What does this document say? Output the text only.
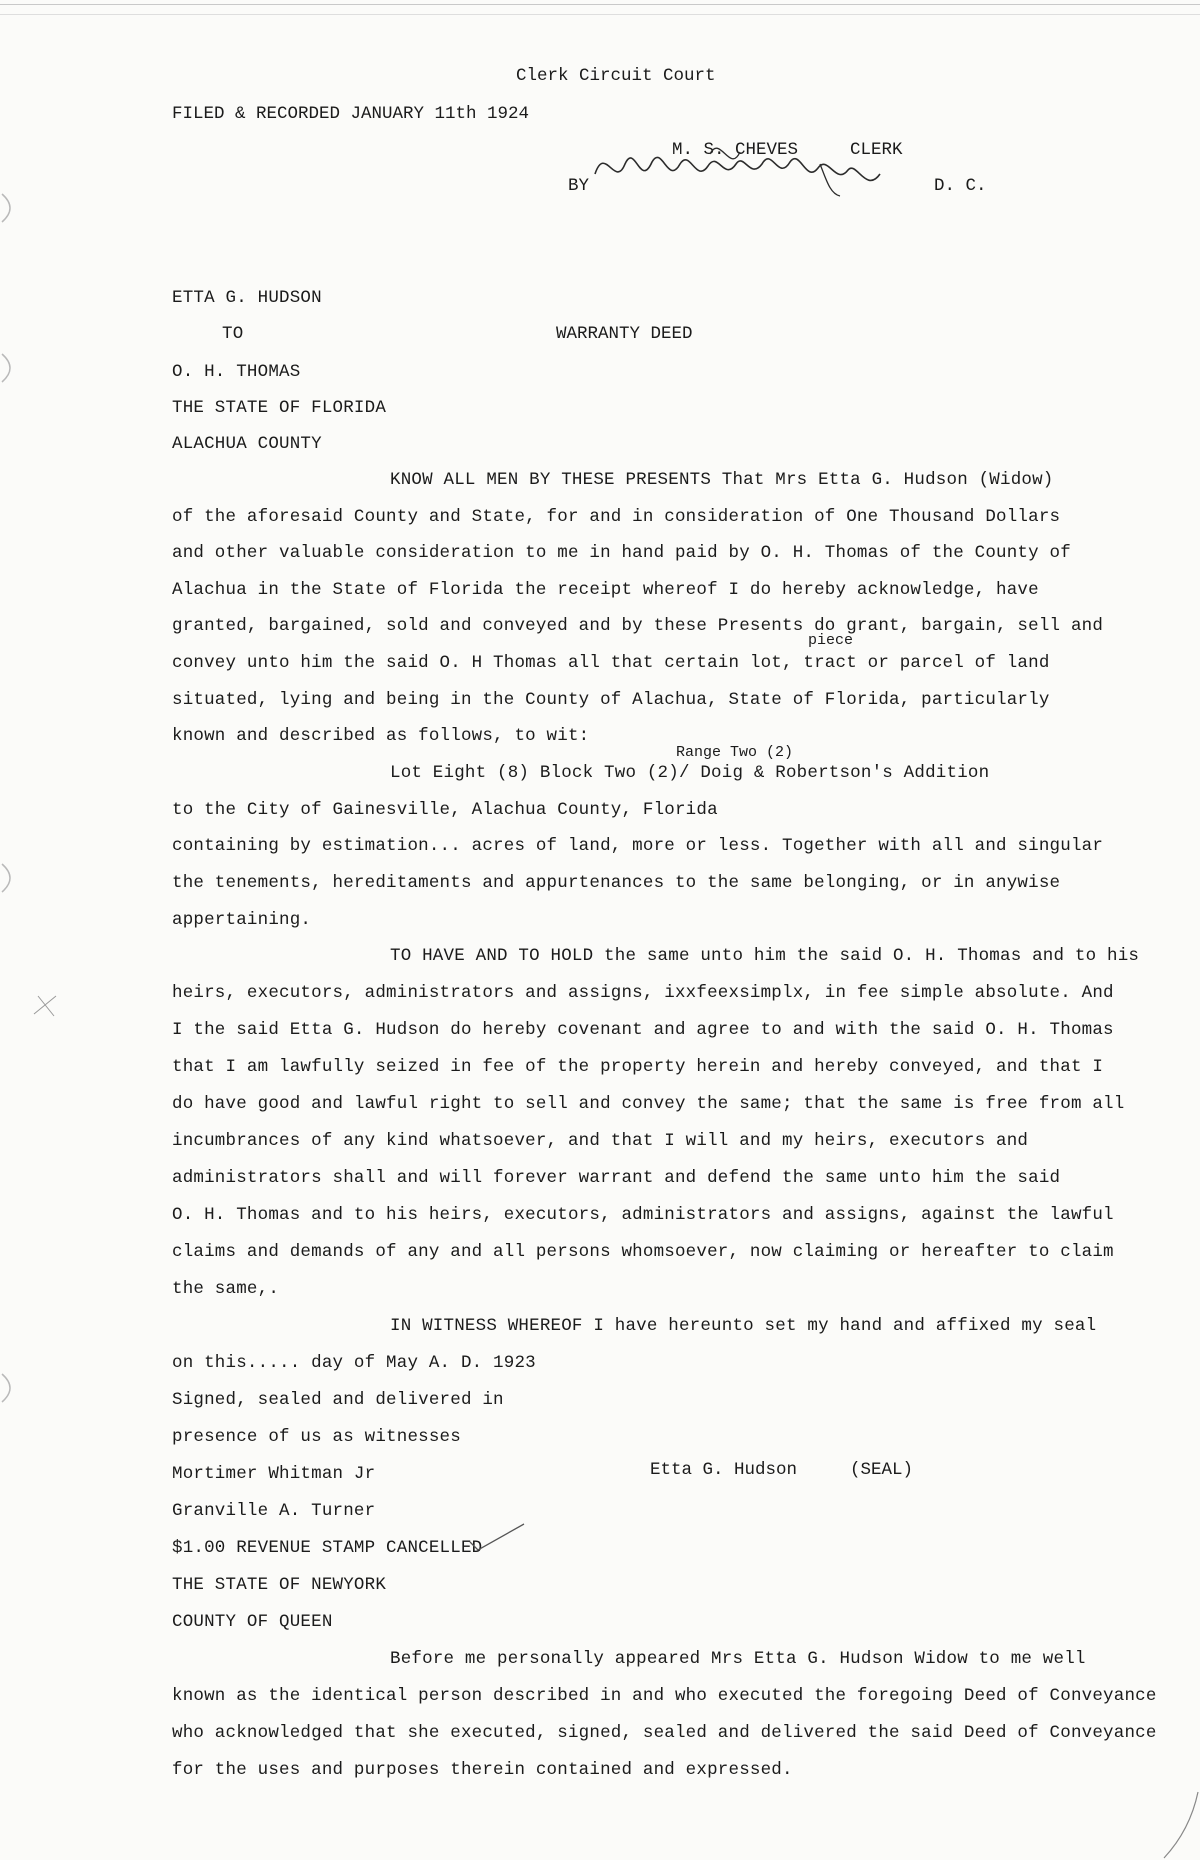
Clerk Circuit Court
FILED & RECORDED JANUARY 11th 1924
M. S. CHEVES	CLERK
BY	D. C.
ETTA G. HUDSON
TO	WARRANTY DEED
O. H. THOMAS
THE STATE OF FLORIDA
ALACHUA COUNTY
KNOW ALL MEN BY THESE PRESENTS That Mrs Etta G. Hudson (Widow)
of the aforesaid County and State, for and in consideration of One Thousand Dollars
and other valuable consideration to me in hand paid by O. H. Thomas of the County of
Alachua in the State of Florida the receipt whereof I do hereby acknowledge, have
granted, bargained, sold and conveyed and by these Presents do grant, bargain, sell and
piece
convey unto him the said O. H Thomas all that certain lot, tract or parcel of land
situated, lying and being in the County of Alachua, State of Florida, particularly
known and described as follows, to wit:
Range Two (2)
Lot Eight (8) Block Two (2)/ Doig & Robertson's Addition
to the City of Gainesville, Alachua County, Florida
containing by estimation... acres of land, more or less. Together with all and singular
the tenements, hereditaments and appurtenances to the same belonging, or in anywise
appertaining.
TO HAVE AND TO HOLD the same unto him the said O. H. Thomas and to his
heirs, executors, administrators and assigns, ixxfeexsimplx, in fee simple absolute. And
I the said Etta G. Hudson do hereby covenant and agree to and with the said O. H. Thomas
that I am lawfully seized in fee of the property herein and hereby conveyed, and that I
do have good and lawful right to sell and convey the same; that the same is free from all
incumbrances of any kind whatsoever, and that I will and my heirs, executors and
administrators shall and will forever warrant and defend the same unto him the said
O. H. Thomas and to his heirs, executors, administrators and assigns, against the lawful
claims and demands of any and all persons whomsoever, now claiming or hereafter to claim
the same,.
IN WITNESS WHEREOF I have hereunto set my hand and affixed my seal
on this..... day of May A. D. 1923
Signed, sealed and delivered in
presence of us as witnesses
Mortimer Whitman Jr	Etta G. Hudson	(SEAL)
Granville A. Turner
$1.00 REVENUE STAMP CANCELLED
THE STATE OF NEWYORK
COUNTY OF QUEEN
Before me personally appeared Mrs Etta G. Hudson Widow to me well
known as the identical person described in and who executed the foregoing Deed of Conveyance
who acknowledged that she executed, signed, sealed and delivered the said Deed of Conveyance
for the uses and purposes therein contained and expressed.
